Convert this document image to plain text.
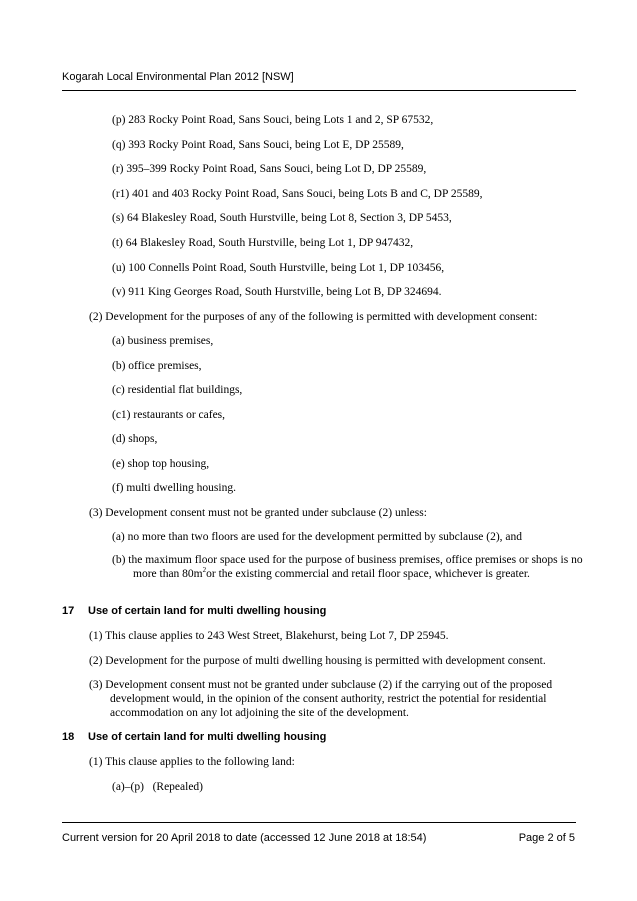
Kogarah Local Environmental Plan 2012 [NSW]
(p) 283 Rocky Point Road, Sans Souci, being Lots 1 and 2, SP 67532,
(q) 393 Rocky Point Road, Sans Souci, being Lot E, DP 25589,
(r) 395–399 Rocky Point Road, Sans Souci, being Lot D, DP 25589,
(r1) 401 and 403 Rocky Point Road, Sans Souci, being Lots B and C, DP 25589,
(s) 64 Blakesley Road, South Hurstville, being Lot 8, Section 3, DP 5453,
(t) 64 Blakesley Road, South Hurstville, being Lot 1, DP 947432,
(u) 100 Connells Point Road, South Hurstville, being Lot 1, DP 103456,
(v) 911 King Georges Road, South Hurstville, being Lot B, DP 324694.
(2) Development for the purposes of any of the following is permitted with development consent:
(a) business premises,
(b) office premises,
(c) residential flat buildings,
(c1) restaurants or cafes,
(d) shops,
(e) shop top housing,
(f) multi dwelling housing.
(3) Development consent must not be granted under subclause (2) unless:
(a) no more than two floors are used for the development permitted by subclause (2), and
(b) the maximum floor space used for the purpose of business premises, office premises or shops is no more than $80m^2or$ the existing commercial and retail floor space, whichever is greater.
17 Use of certain land for multi dwelling housing
(1) This clause applies to 243 West Street, Blakehurst, being Lot 7, DP 25945.
(2) Development for the purpose of multi dwelling housing is permitted with development consent.
(3) Development consent must not be granted under subclause (2) if the carrying out of the proposed development would, in the opinion of the consent authority, restrict the potential for residential accommodation on any lot adjoining the site of the development.
18 Use of certain land for multi dwelling housing
(1) This clause applies to the following land:
(a)–(p) (Repealed)
Current version for 20 April 2018 to date (accessed 12 June 2018 at 18:54)	Page 2 of 5
